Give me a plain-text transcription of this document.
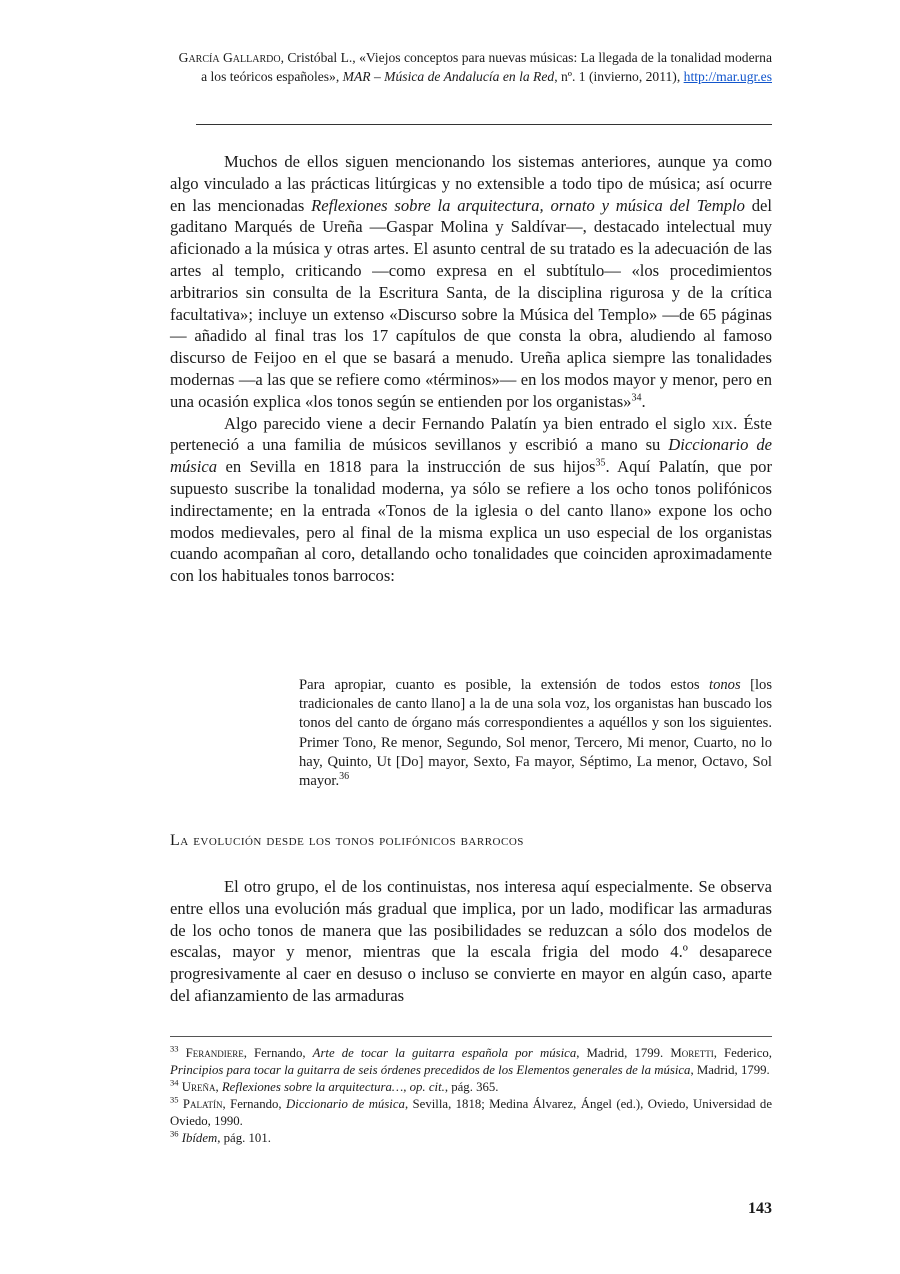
García Gallardo, Cristóbal L., «Viejos conceptos para nuevas músicas: La llegada de la tonalidad moderna a los teóricos españoles», MAR – Música de Andalucía en la Red, nº. 1 (invierno, 2011), http://mar.ugr.es

Muchos de ellos siguen mencionando los sistemas anteriores, aunque ya como algo vinculado a las prácticas litúrgicas y no extensible a todo tipo de música; así ocurre en las mencionadas Reflexiones sobre la arquitectura, ornato y música del Templo del gaditano Marqués de Ureña —Gaspar Molina y Saldívar—, destacado intelectual muy aficionado a la música y otras artes. El asunto central de su tratado es la adecuación de las artes al templo, criticando —como expresa en el subtítulo— «los procedimientos arbitrarios sin consulta de la Escritura Santa, de la disciplina rigurosa y de la crítica facultativa»; incluye un extenso «Discurso sobre la Música del Templo» —de 65 páginas— añadido al final tras los 17 capítulos de que consta la obra, aludiendo al famoso discurso de Feijoo en el que se basará a menudo. Ureña aplica siempre las tonalidades modernas —a las que se refiere como «términos»— en los modos mayor y menor, pero en una ocasión explica «los tonos según se entienden por los organistas»$^{34}$.

Algo parecido viene a decir Fernando Palatín ya bien entrado el siglo xix. Éste perteneció a una familia de músicos sevillanos y escribió a mano su Diccionario de música en Sevilla en 1818 para la instrucción de sus hijos$^{35}$. Aquí Palatín, que por supuesto suscribe la tonalidad moderna, ya sólo se refiere a los ocho tonos polifónicos indirectamente; en la entrada «Tonos de la iglesia o del canto llano» expone los ocho modos medievales, pero al final de la misma explica un uso especial de los organistas cuando acompañan al coro, detallando ocho tonalidades que coinciden aproximadamente con los habituales tonos barrocos:

Para apropiar, cuanto es posible, la extensión de todos estos tonos [los tradicionales de canto llano] a la de una sola voz, los organistas han buscado los tonos del canto de órgano más correspondientes a aquéllos y son los siguientes. Primer Tono, Re menor, Segundo, Sol menor, Tercero, Mi menor, Cuarto, no lo hay, Quinto, Ut [Do] mayor, Sexto, Fa mayor, Séptimo, La menor, Octavo, Sol mayor.$^{36}$
La evolución desde los tonos polifónicos barrocos

El otro grupo, el de los continuistas, nos interesa aquí especialmente. Se observa entre ellos una evolución más gradual que implica, por un lado, modificar las armaduras de los ocho tonos de manera que las posibilidades se reduzcan a sólo dos modelos de escalas, mayor y menor, mientras que la escala frigia del modo 4.º desaparece progresivamente al caer en desuso o incluso se convierte en mayor en algún caso, aparte del afianzamiento de las armaduras

$^{33}$ Ferandiere, Fernando, Arte de tocar la guitarra española por música, Madrid, 1799. Moretti, Federico, Principios para tocar la guitarra de seis órdenes precedidos de los Elementos generales de la música, Madrid, 1799.

$^{34}$ Ureña, Reflexiones sobre la arquitectura…, op. cit., pág. 365.

$^{35}$ Palatín, Fernando, Diccionario de música, Sevilla, 1818; Medina Álvarez, Ángel (ed.), Oviedo, Universidad de Oviedo, 1990.

$^{36}$ Ibídem, pág. 101.

143
